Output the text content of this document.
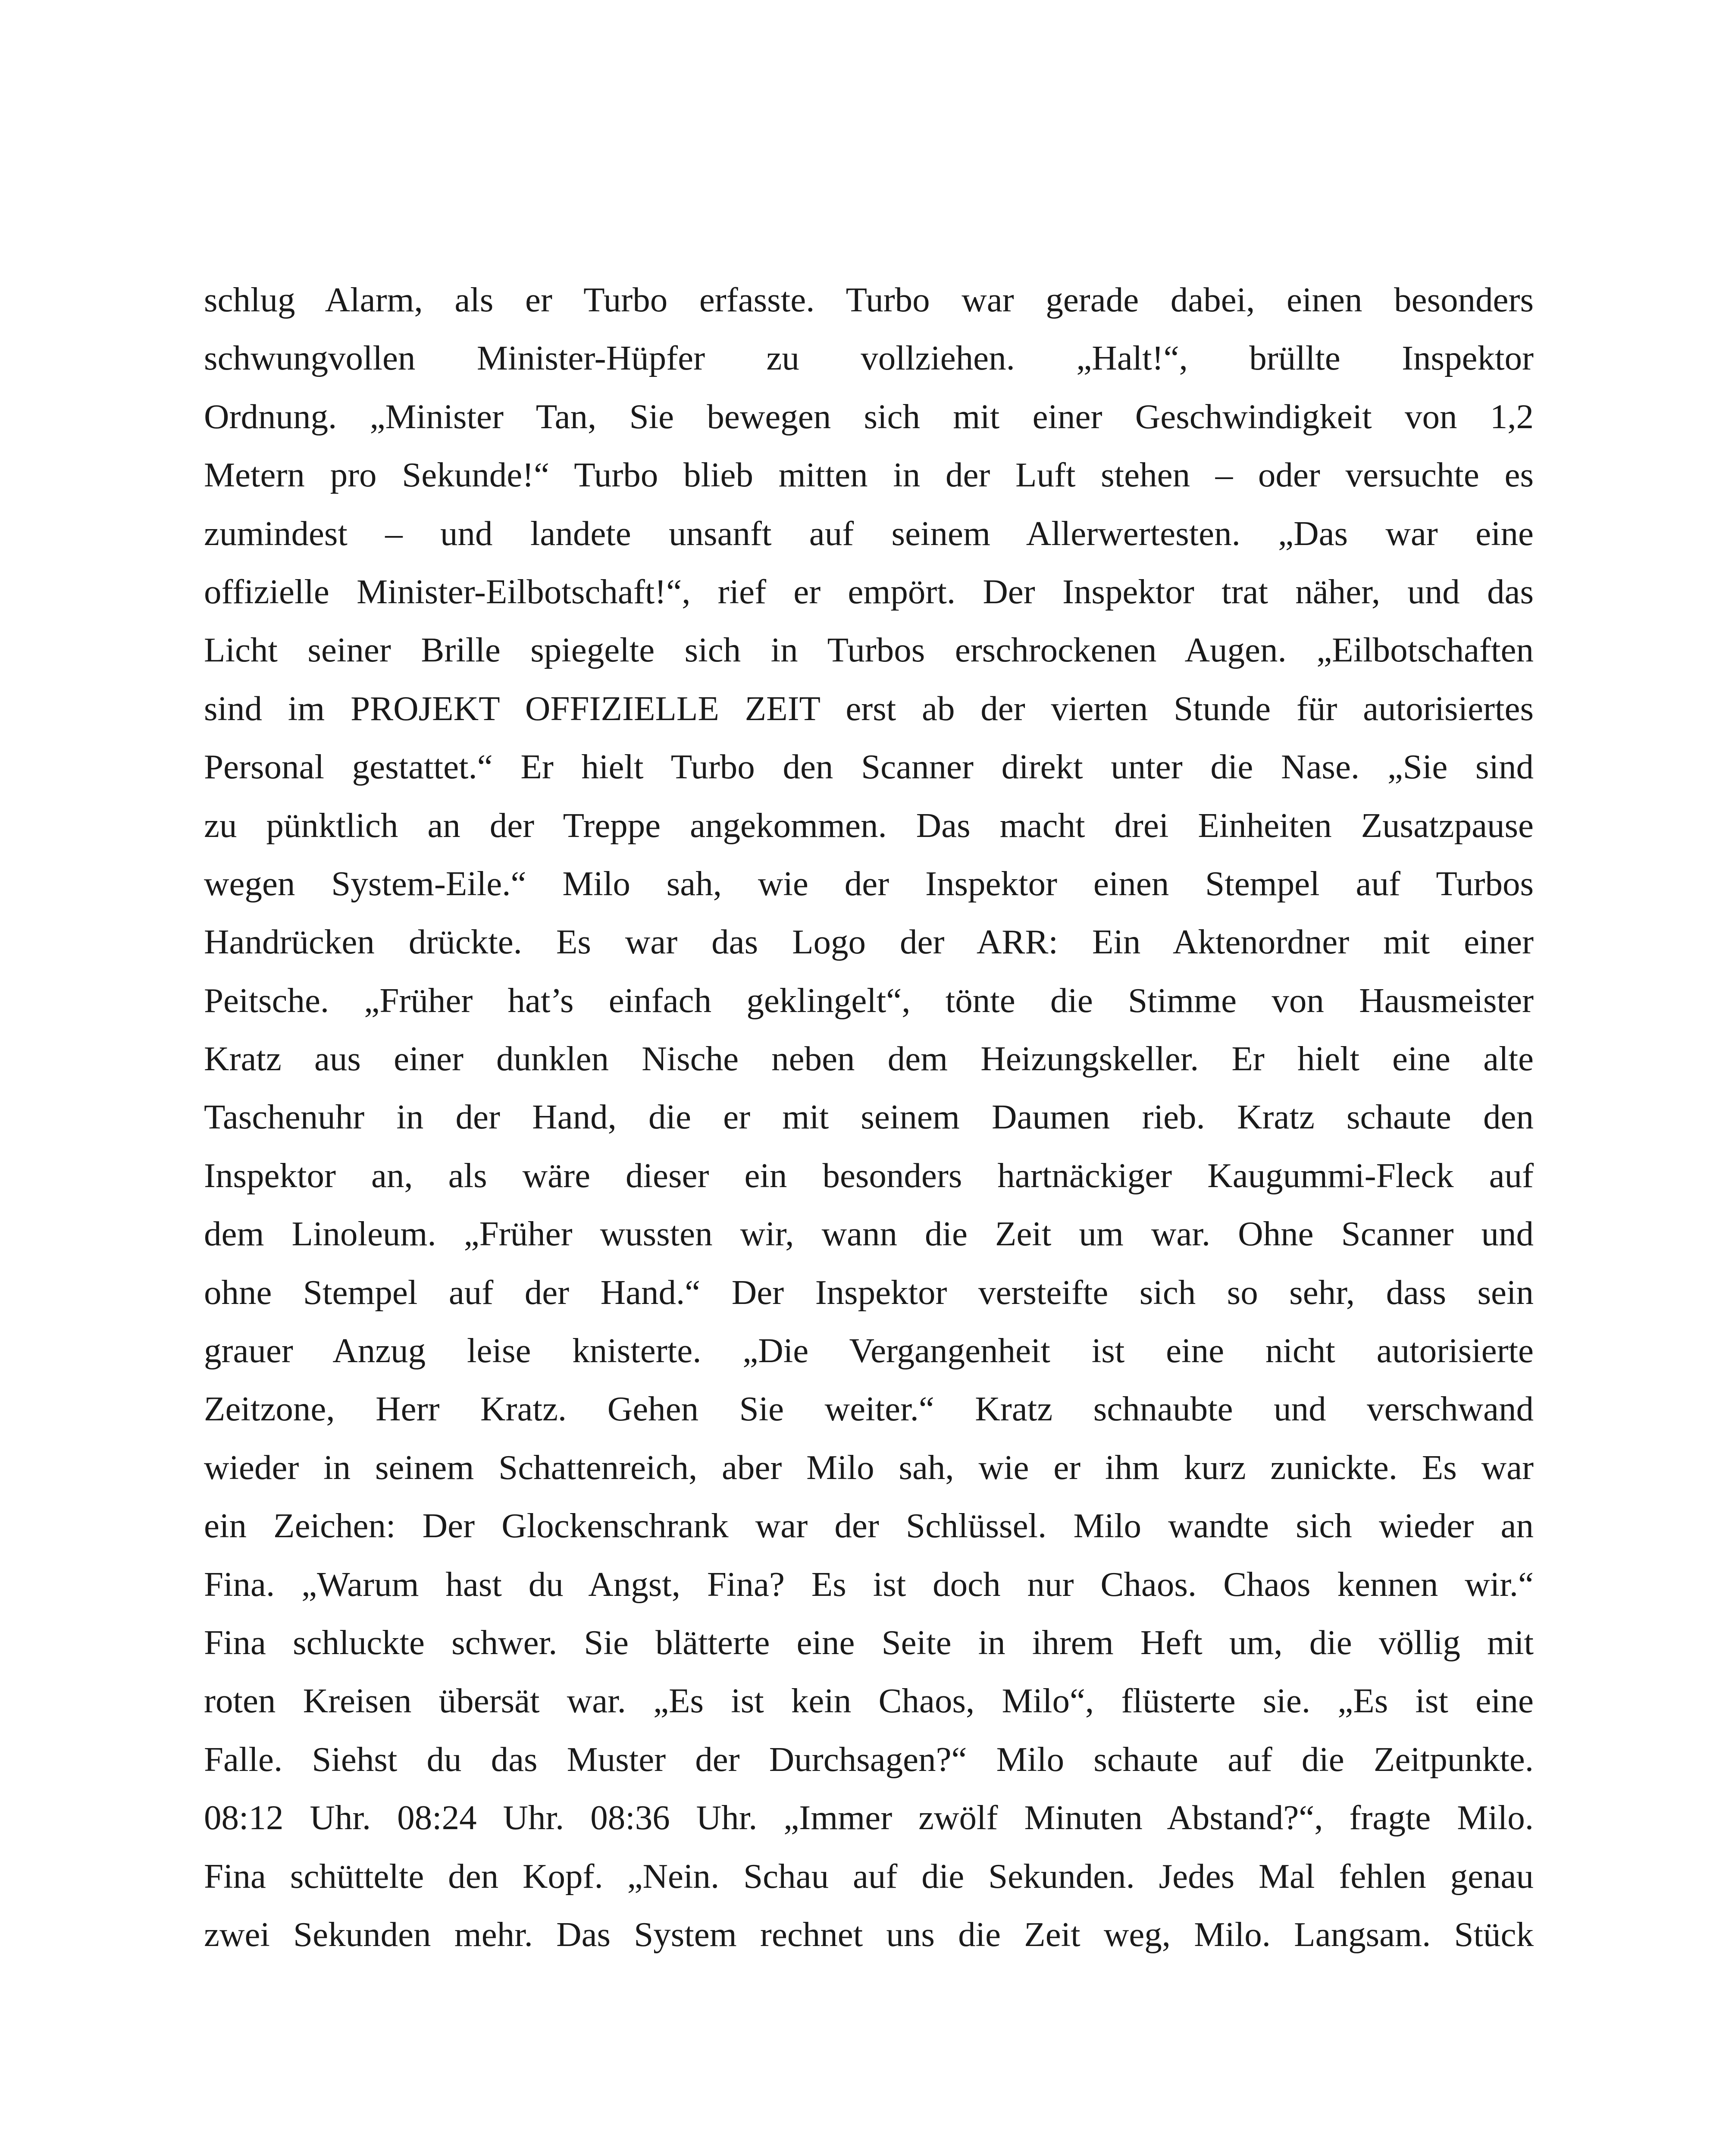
schlug Alarm, als er Turbo erfasste. Turbo war gerade dabei, einen besonders
schwungvollen Minister-Hüpfer zu vollziehen. „Halt!“, brüllte Inspektor
Ordnung. „Minister Tan, Sie bewegen sich mit einer Geschwindigkeit von 1,2
Metern pro Sekunde!“ Turbo blieb mitten in der Luft stehen – oder versuchte es
zumindest – und landete unsanft auf seinem Allerwertesten. „Das war eine
offizielle Minister-Eilbotschaft!“, rief er empört. Der Inspektor trat näher, und das
Licht seiner Brille spiegelte sich in Turbos erschrockenen Augen. „Eilbotschaften
sind im PROJEKT OFFIZIELLE ZEIT erst ab der vierten Stunde für autorisiertes
Personal gestattet.“ Er hielt Turbo den Scanner direkt unter die Nase. „Sie sind
zu pünktlich an der Treppe angekommen. Das macht drei Einheiten Zusatzpause
wegen System-Eile.“ Milo sah, wie der Inspektor einen Stempel auf Turbos
Handrücken drückte. Es war das Logo der ARR: Ein Aktenordner mit einer
Peitsche. „Früher hat’s einfach geklingelt“, tönte die Stimme von Hausmeister
Kratz aus einer dunklen Nische neben dem Heizungskeller. Er hielt eine alte
Taschenuhr in der Hand, die er mit seinem Daumen rieb. Kratz schaute den
Inspektor an, als wäre dieser ein besonders hartnäckiger Kaugummi-Fleck auf
dem Linoleum. „Früher wussten wir, wann die Zeit um war. Ohne Scanner und
ohne Stempel auf der Hand.“ Der Inspektor versteifte sich so sehr, dass sein
grauer Anzug leise knisterte. „Die Vergangenheit ist eine nicht autorisierte
Zeitzone, Herr Kratz. Gehen Sie weiter.“ Kratz schnaubte und verschwand
wieder in seinem Schattenreich, aber Milo sah, wie er ihm kurz zunickte. Es war
ein Zeichen: Der Glockenschrank war der Schlüssel. Milo wandte sich wieder an
Fina. „Warum hast du Angst, Fina? Es ist doch nur Chaos. Chaos kennen wir.“
Fina schluckte schwer. Sie blätterte eine Seite in ihrem Heft um, die völlig mit
roten Kreisen übersät war. „Es ist kein Chaos, Milo“, flüsterte sie. „Es ist eine
Falle. Siehst du das Muster der Durchsagen?“ Milo schaute auf die Zeitpunkte.
08:12 Uhr. 08:24 Uhr. 08:36 Uhr. „Immer zwölf Minuten Abstand?“, fragte Milo.
Fina schüttelte den Kopf. „Nein. Schau auf die Sekunden. Jedes Mal fehlen genau
zwei Sekunden mehr. Das System rechnet uns die Zeit weg, Milo. Langsam. Stück
